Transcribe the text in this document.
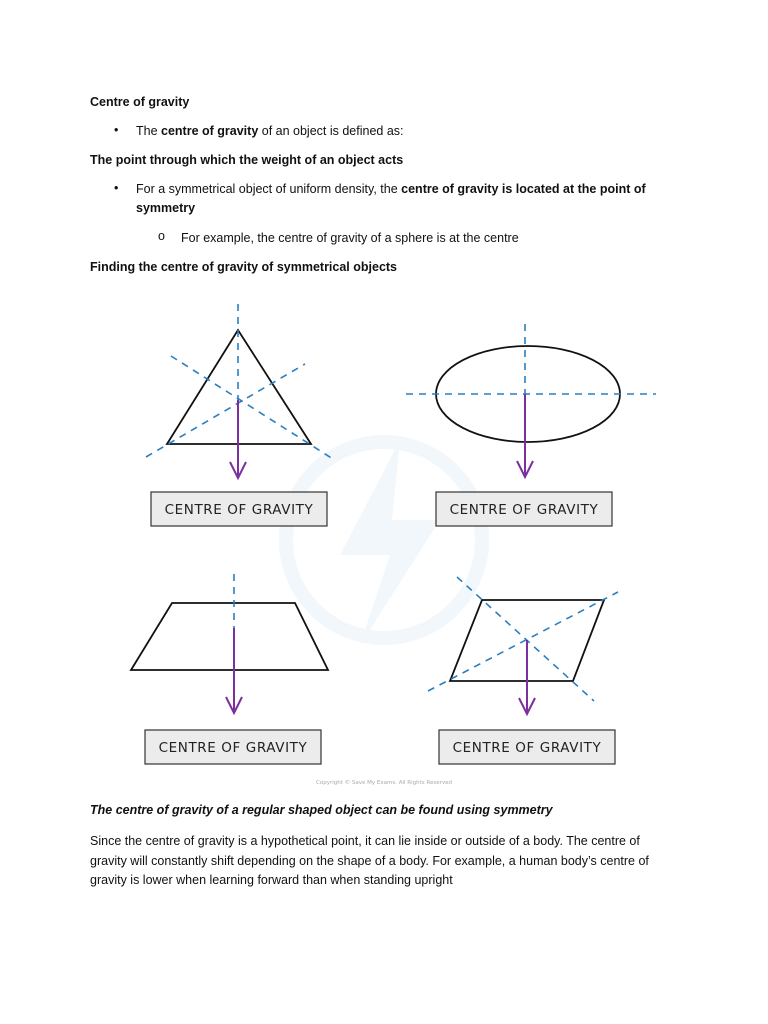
Centre of gravity
• The centre of gravity of an object is defined as:
The point through which the weight of an object acts
• For a symmetrical object of uniform density, the centre of gravity is located at the point of symmetry
o For example, the centre of gravity of a sphere is at the centre
Finding the centre of gravity of symmetrical objects
CENTRE OF GRAVITY	CENTRE OF GRAVITY
CENTRE OF GRAVITY	CENTRE OF GRAVITY
Copyright © Save My Exams. All Rights Reserved
The centre of gravity of a regular shaped object can be found using symmetry
Since the centre of gravity is a hypothetical point, it can lie inside or outside of a body. The centre of gravity will constantly shift depending on the shape of a body. For example, a human body’s centre of gravity is lower when learning forward than when standing upright
